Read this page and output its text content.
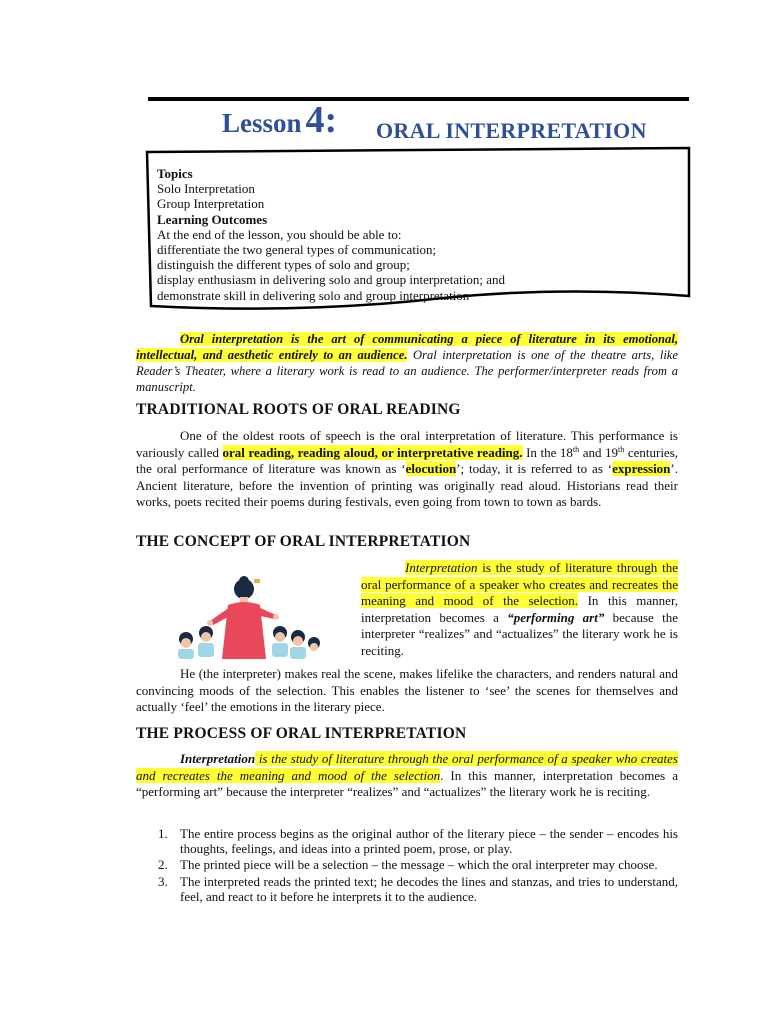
Lesson 4: ORAL INTERPRETATION
Topics
Solo Interpretation
Group Interpretation
Learning Outcomes
At the end of the lesson, you should be able to:
differentiate the two general types of communication;
distinguish the different types of solo and group;
display enthusiasm in delivering solo and group interpretation; and
demonstrate skill in delivering solo and group interpretation
Oral interpretation is the art of communicating a piece of literature in its emotional, intellectual, and aesthetic entirely to an audience. Oral interpretation is one of the theatre arts, like Reader’s Theater, where a literary work is read to an audience. The performer/interpreter reads from a manuscript.
TRADITIONAL ROOTS OF ORAL READING
One of the oldest roots of speech is the oral interpretation of literature. This performance is variously called oral reading, reading aloud, or interpretative reading. In the 18th and 19th centuries, the oral performance of literature was known as ‘elocution’; today, it is referred to as ‘expression’. Ancient literature, before the invention of printing was originally read aloud. Historians read their works, poets recited their poems during festivals, even going from town to town as bards.
THE CONCEPT OF ORAL INTERPRETATION
Interpretation is the study of literature through the oral performance of a speaker who creates and recreates the meaning and mood of the selection. In this manner, interpretation becomes a “performing art” because the interpreter “realizes” and “actualizes” the literary work he is reciting.
He (the interpreter) makes real the scene, makes lifelike the characters, and renders natural and convincing moods of the selection. This enables the listener to ‘see’ the scenes for themselves and actually ‘feel’ the emotions in the literary piece.
THE PROCESS OF ORAL INTERPRETATION
Interpretation is the study of literature through the oral performance of a speaker who creates and recreates the meaning and mood of the selection. In this manner, interpretation becomes a “performing art” because the interpreter “realizes” and “actualizes” the literary work he is reciting.
1. The entire process begins as the original author of the literary piece – the sender – encodes his thoughts, feelings, and ideas into a printed poem, prose, or play.
2. The printed piece will be a selection – the message – which the oral interpreter may choose.
3. The interpreted reads the printed text; he decodes the lines and stanzas, and tries to understand, feel, and react to it before he interprets it to the audience.
